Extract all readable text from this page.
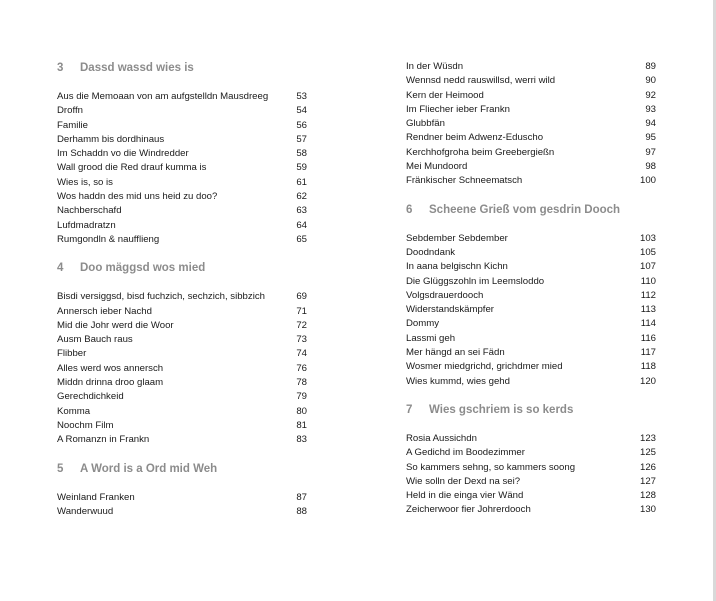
3	Dassd wassd wies is
Aus die Memoaan von am aufgstelldn Mausdreeg	53
Droffn	54
Familie	56
Derhamm bis dordhinaus	57
Im Schaddn vo die Windredder	58
Wall grood die Red drauf kumma is	59
Wies is, so is	61
Wos haddn des mid uns heid zu doo?	62
Nachberschafd	63
Lufdmadratzn	64
Rumgondln & naufflieng	65
4	Doo mäggsd wos mied
Bisdi versiggsd, bisd fuchzich, sechzich, sibbzich	69
Annersch ieber Nachd	71
Mid die Johr werd die Woor	72
Ausm Bauch raus	73
Flibber	74
Alles werd wos annersch	76
Middn drinna droo glaam	78
Gerechdichkeid	79
Komma	80
Noochm Film	81
A Romanzn in Frankn	83
5	A Word is a Ord mid Weh
Weinland Franken	87
Wanderwuud	88
In der Wüsdn	89
Wennsd nedd rauswillsd, werri wild	90
Kern der Heimood	92
Im Fliecher ieber Frankn	93
Glubbfän	94
Rendner beim Adwenz-Eduscho	95
Kerchhofgroha beim Greebergießn	97
Mei Mundoord	98
Fränkischer Schneematsch	100
6	Scheene Grieß vom gesdrin Dooch
Sebdember Sebdember	103
Doodndank	105
In aana belgischn Kichn	107
Die Glüggszohln im Leemsloddo	110
Volgsdrauerdooch	112
Widerstandskämpfer	113
Dommy	114
Lassmi geh	116
Mer hängd an sei Fädn	117
Wosmer miedgrichd, grichdmer mied	118
Wies kummd, wies gehd	120
7	Wies gschriem is so kerds
Rosia Aussichdn	123
A Gedichd im Boodezimmer	125
So kammers sehng, so kammers soong	126
Wie solln der Dexd na sei?	127
Held in die einga vier Wänd	128
Zeicherwoor fier Johrerdooch	130
